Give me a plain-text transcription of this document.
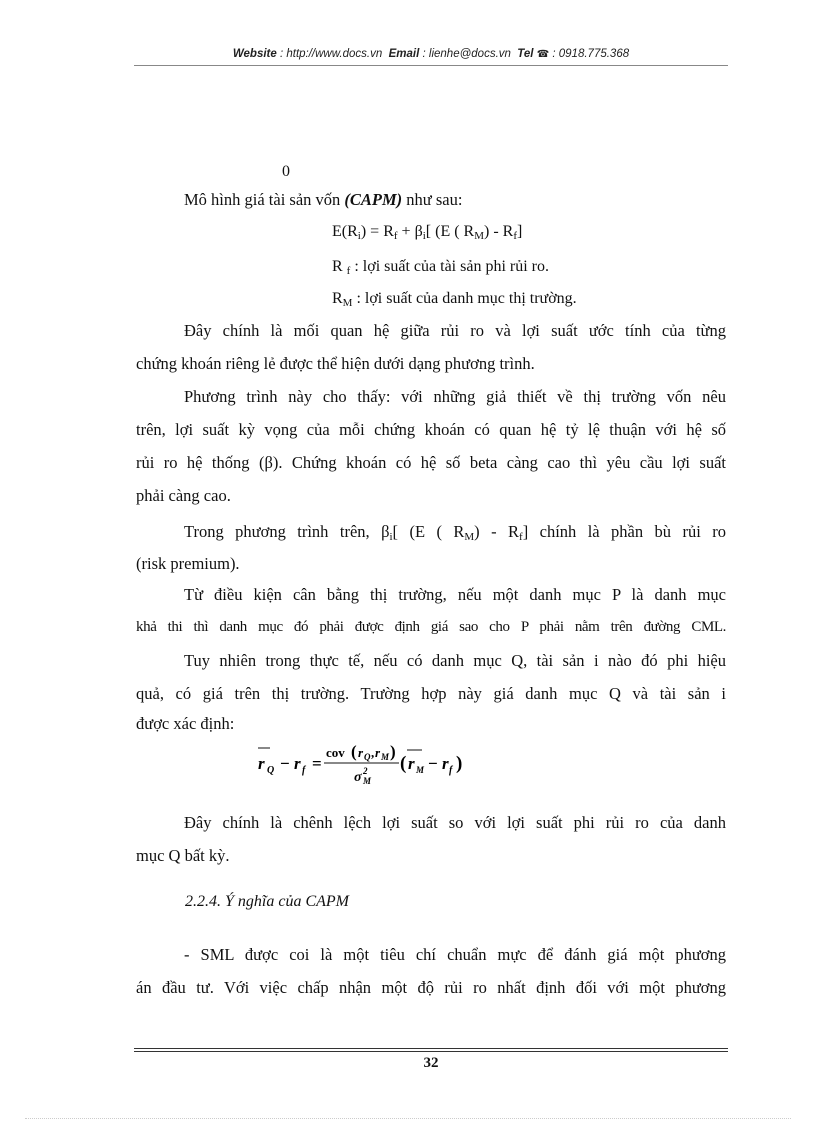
Website : http://www.docs.vn Email : lienhe@docs.vn Tel ☎ : 0918.775.368
0

Mô hình giá tài sản vốn (CAPM) như sau:

$E(R_i) = R_f + \beta_i$[ (E ( $R_M) - R_f$]
R $_f$ : lợi suất của tài sản phi rủi ro.
$R_M$ : lợi suất của danh mục thị trường.

Đây chính là mối quan hệ giữa rủi ro và lợi suất ước tính của từng

chứng khoán riêng lẻ được thể hiện dưới dạng phương trình.

Phương trình này cho thấy: với những giả thiết về thị trường vốn nêu

trên, lợi suất kỳ vọng của mỗi chứng khoán có quan hệ tỷ lệ thuận với hệ số

rủi ro hệ thống (β). Chứng khoán có hệ số beta càng cao thì yêu cầu lợi suất

phải càng cao.

Trong phương trình trên, $\beta_i$[ (E ( $R_M) - R_f$] chính là phần bù rủi ro

(risk premium).

Từ điều kiện cân bằng thị trường, nếu một danh mục P là danh mục

khả thi thì danh mục đó phải được định giá sao cho P phải nằm trên đường CML.

Tuy nhiên trong thực tế, nếu có danh mục Q, tài sản i nào đó phi hiệu

quả, có giá trên thị trường. Trường hợp này giá danh mục Q và tài sản i

được xác định:

r Q − r f =
cov ( r Q , r M )
σ M
2 ( r M − r f )

Đây chính là chênh lệch lợi suất so với lợi suất phi rủi ro của danh

mục Q bất kỳ.

2.2.4. Ý nghĩa của CAPM

- SML được coi là một tiêu chí chuẩn mực để đánh giá một phương

án đầu tư. Với việc chấp nhận một độ rủi ro nhất định đối với một phương

32
